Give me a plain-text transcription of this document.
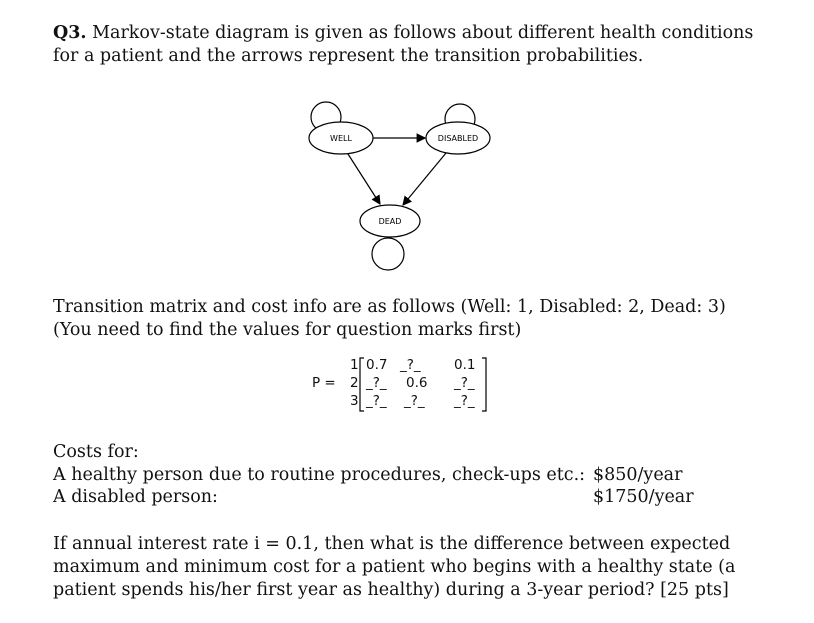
Q3. Markov-state diagram is given as follows about different health conditions
for a patient and the arrows represent the transition probabilities.
WELL	DISABLED
DEAD
Transition matrix and cost info are as follows (Well: 1, Disabled: 2, Dead: 3)
(You need to find the values for question marks first)
P =
1
2
3
0.7 _?_ 0.1
_?_ 0.6 _?_
_?_ _?_ _?_
Costs for:
A healthy person due to routine procedures, check-ups etc.: $850/year
A disabled person:	$1750/year
If annual interest rate i = 0.1, then what is the difference between expected
maximum and minimum cost for a patient who begins with a healthy state (a
patient spends his/her first year as healthy) during a 3-year period? [25 pts]
